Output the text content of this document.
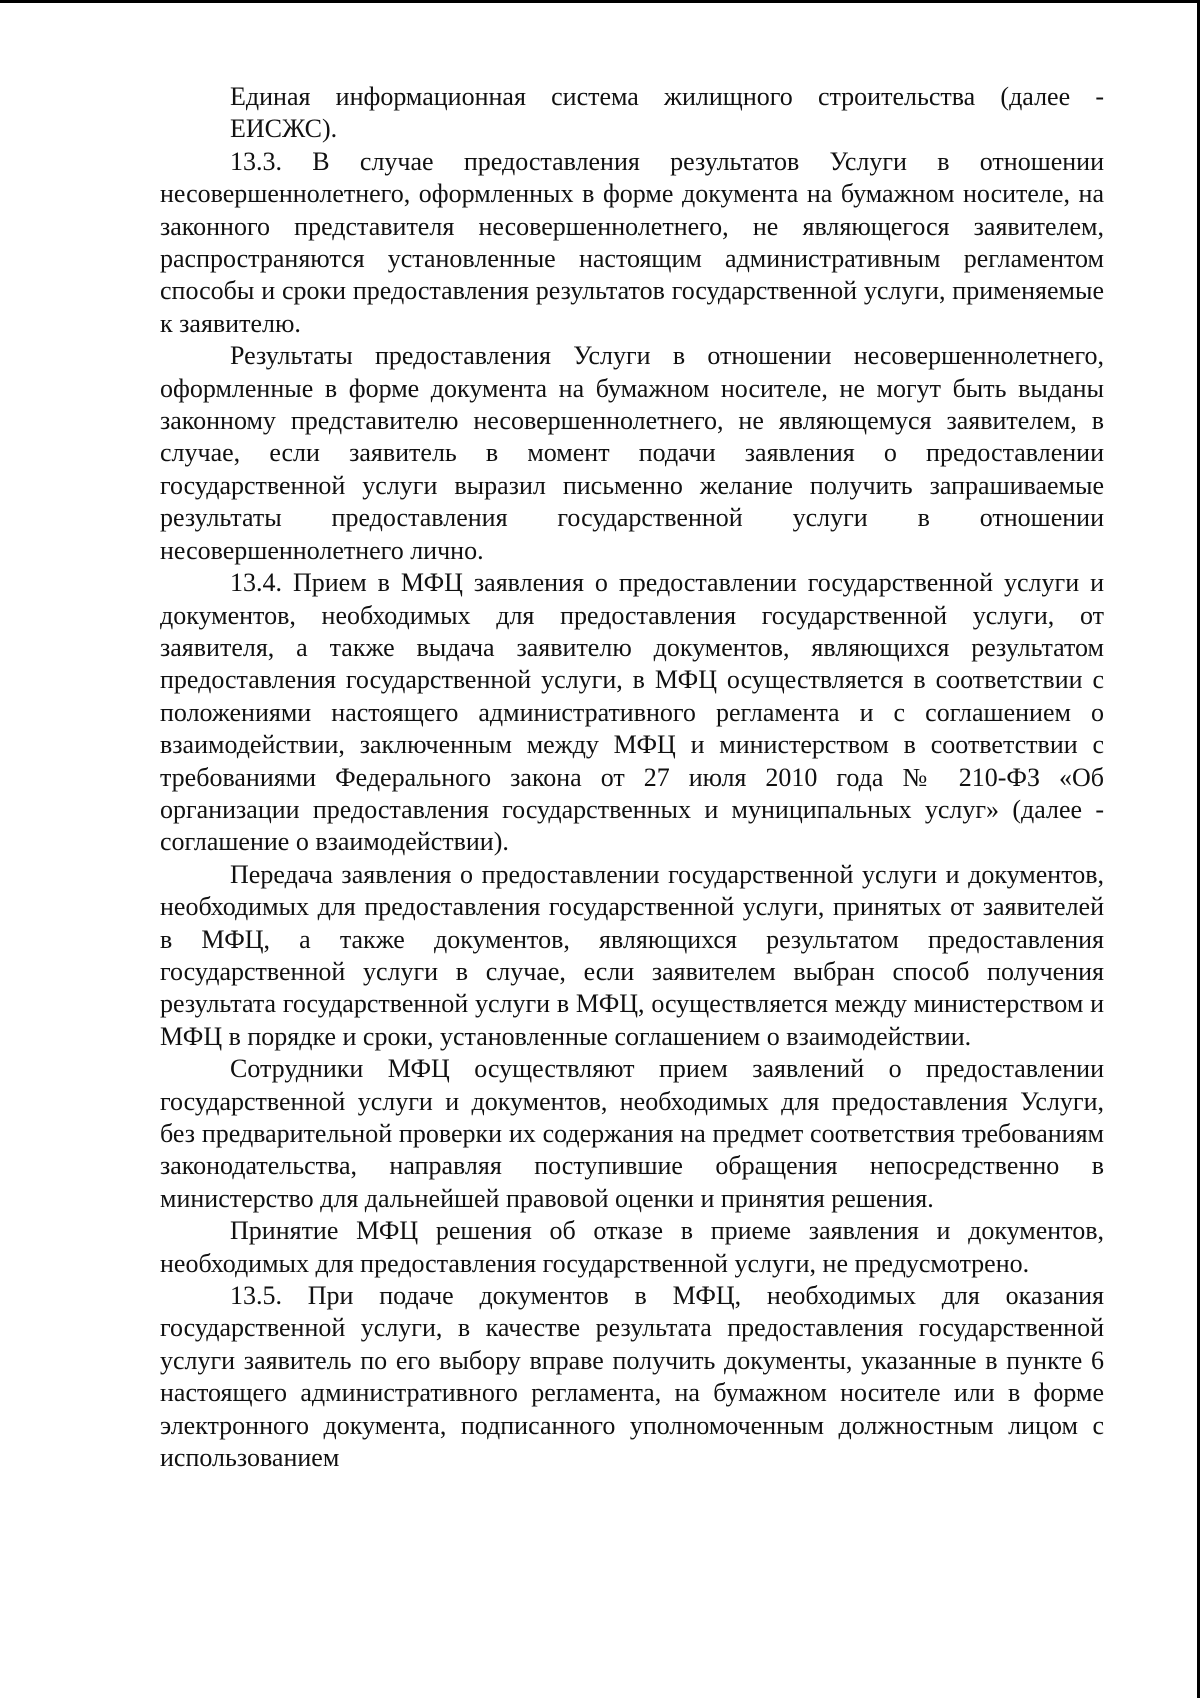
Единая информационная система жилищного строительства (далее - ЕИСЖС).

13.3. В случае предоставления результатов Услуги в отношении несовершеннолетнего, оформленных в форме документа на бумажном носителе, на законного представителя несовершеннолетнего, не являющегося заявителем, распространяются установленные настоящим административным регламентом способы и сроки предоставления результатов государственной услуги, применяемые к заявителю.

Результаты предоставления Услуги в отношении несовершеннолетнего, оформленные в форме документа на бумажном носителе, не могут быть выданы законному представителю несовершеннолетнего, не являющемуся заявителем, в случае, если заявитель в момент подачи заявления о предоставлении государственной услуги выразил письменно желание получить запрашиваемые результаты предоставления государственной услуги в отношении несовершеннолетнего лично.

13.4. Прием в МФЦ заявления о предоставлении государственной услуги и документов, необходимых для предоставления государственной услуги, от заявителя, а также выдача заявителю документов, являющихся результатом предоставления государственной услуги, в МФЦ осуществляется в соответствии с положениями настоящего административного регламента и с соглашением о взаимодействии, заключенным между МФЦ и министерством в соответствии с требованиями Федерального закона от 27 июля 2010 года № 210-ФЗ «Об организации предоставления государственных и муниципальных услуг» (далее - соглашение о взаимодействии).

Передача заявления о предоставлении государственной услуги и документов, необходимых для предоставления государственной услуги, принятых от заявителей в МФЦ, а также документов, являющихся результатом предоставления государственной услуги в случае, если заявителем выбран способ получения результата государственной услуги в МФЦ, осуществляется между министерством и МФЦ в порядке и сроки, установленные соглашением о взаимодействии.

Сотрудники МФЦ осуществляют прием заявлений о предоставлении государственной услуги и документов, необходимых для предоставления Услуги, без предварительной проверки их содержания на предмет соответствия требованиям законодательства, направляя поступившие обращения непосредственно в министерство для дальнейшей правовой оценки и принятия решения.

Принятие МФЦ решения об отказе в приеме заявления и документов, необходимых для предоставления государственной услуги, не предусмотрено.

13.5. При подаче документов в МФЦ, необходимых для оказания государственной услуги, в качестве результата предоставления государственной услуги заявитель по его выбору вправе получить документы, указанные в пункте 6 настоящего административного регламента, на бумажном носителе или в форме электронного документа, подписанного уполномоченным должностным лицом с использованием
